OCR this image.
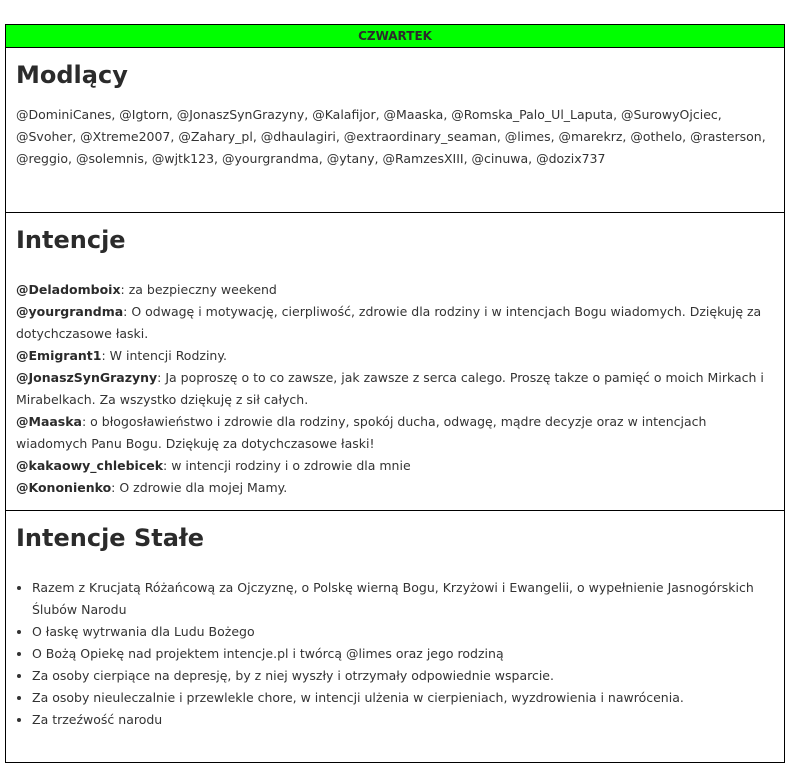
CZWARTEK
Modlący
@DominiCanes, @Igtorn, @JonaszSynGrazyny, @Kalafijor, @Maaska, @Romska_Palo_Ul_Laputa, @SurowyOjciec, @Svoher, @Xtreme2007, @Zahary_pl, @dhaulagiri, @extraordinary_seaman, @limes, @marekrz, @othelo, @rasterson, @reggio, @solemnis, @wjtk123, @yourgrandma, @ytany, @RamzesXIII, @cinuwa, @dozix737
Intencje
@Deladomboix: za bezpieczny weekend
@yourgrandma: O odwagę i motywację, cierpliwość, zdrowie dla rodziny i w intencjach Bogu wiadomych. Dziękuję za dotychczasowe łaski.
@Emigrant1: W intencji Rodziny.
@JonaszSynGrazyny: Ja poproszę o to co zawsze, jak zawsze z serca calego. Proszę takze o pamięć o moich Mirkach i Mirabelkach. Za wszystko dziękuję z sił całych.
@Maaska: o błogosławieństwo i zdrowie dla rodziny, spokój ducha, odwagę, mądre decyzje oraz w intencjach wiadomych Panu Bogu. Dziękuję za dotychczasowe łaski!
@kakaowy_chlebicek: w intencji rodziny i o zdrowie dla mnie
@Kononienko: O zdrowie dla mojej Mamy.
Intencje Stałe
• Razem z Krucjatą Różańcową za Ojczyznę, o Polskę wierną Bogu, Krzyżowi i Ewangelii, o wypełnienie Jasnogórskich Ślubów Narodu
• O łaskę wytrwania dla Ludu Bożego
• O Bożą Opiekę nad projektem intencje.pl i twórcą @limes oraz jego rodziną
• Za osoby cierpiące na depresję, by z niej wyszły i otrzymały odpowiednie wsparcie.
• Za osoby nieuleczalnie i przewlekle chore, w intencji ulżenia w cierpieniach, wyzdrowienia i nawrócenia.
• Za trzeźwość narodu
